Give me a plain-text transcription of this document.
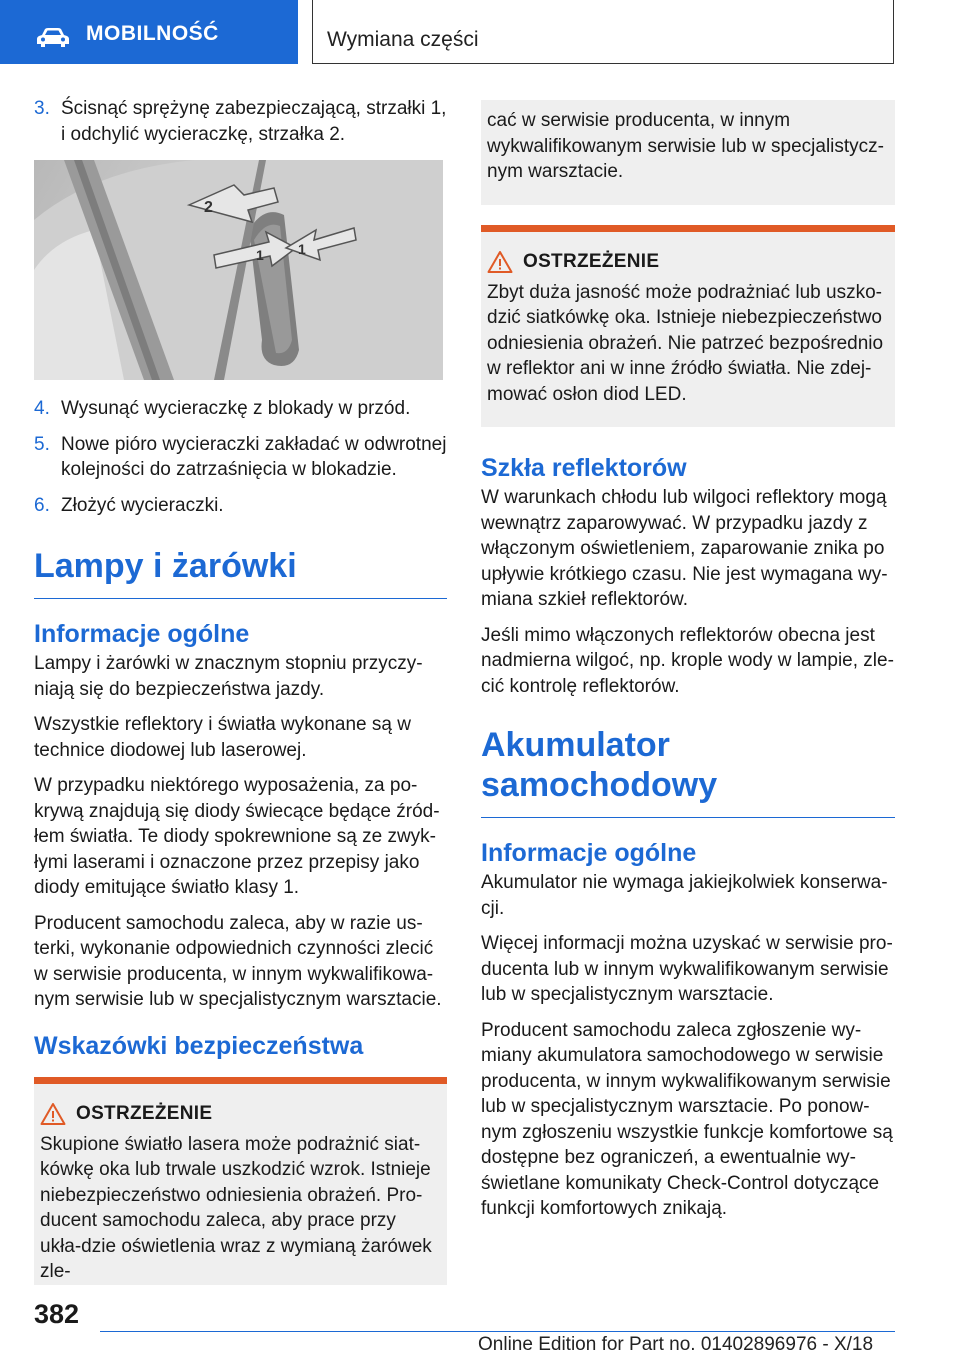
MOBILNOŚĆ	Wymiana części
3. Ścisnąć sprężynę zabezpieczającą, strzałki 1, i odchylić wycieraczkę, strzałka 2.
2
1 1
4. Wysunąć wycieraczkę z blokady w przód.
5. Nowe pióro wycieraczki zakładać w odwrotnej kolejności do zatrzaśnięcia w blokadzie.
6. Złożyć wycieraczki.
Lampy i żarówki
Informacje ogólne

Lampy i żarówki w znacznym stopniu przyczy-niają się do bezpieczeństwa jazdy.

Wszystkie reflektory i światła wykonane są w technice diodowej lub laserowej.

W przypadku niektórego wyposażenia, za po-krywą znajdują się diody świecące będące źród-łem światła. Te diody spokrewnione są ze zwyk-łymi laserami i oznaczone przez przepisy jako diody emitujące światło klasy 1.

Producent samochodu zaleca, aby w razie us-terki, wykonanie odpowiednich czynności zlecić w serwisie producenta, w innym wykwalifikowa-nym serwisie lub w specjalistycznym warsztacie.

Wskazówki bezpieczeństwa
OSTRZEŻENIE

Skupione światło lasera może podrażnić siat-kówkę oka lub trwale uszkodzić wzrok. Istnieje niebezpieczeństwo odniesienia obrażeń. Pro-ducent samochodu zaleca, aby prace przy ukła-dzie oświetlenia wraz z wymianą żarówek zle-

cać w serwisie producenta, w innym wykwalifikowanym serwisie lub w specjalistycz-nym warsztacie.

OSTRZEŻENIE

Zbyt duża jasność może podrażniać lub uszko-dzić siatkówkę oka. Istnieje niebezpieczeństwo odniesienia obrażeń. Nie patrzeć bezpośrednio w reflektor ani w inne źródło światła. Nie zdej-mować osłon diod LED.

Szkła reflektorów

W warunkach chłodu lub wilgoci reflektory mogą wewnątrz zaparowywać. W przypadku jazdy z włączonym oświetleniem, zaparowanie znika po upływie krótkiego czasu. Nie jest wymagana wy-miana szkieł reflektorów.

Jeśli mimo włączonych reflektorów obecna jest nadmierna wilgoć, np. krople wody w lampie, zle-cić kontrolę reflektorów.

Akumulator samochodowy
Informacje ogólne

Akumulator nie wymaga jakiejkolwiek konserwa-cji.

Więcej informacji można uzyskać w serwisie pro-ducenta lub w innym wykwalifikowanym serwisie lub w specjalistycznym warsztacie.

Producent samochodu zaleca zgłoszenie wy-miany akumulatora samochodowego w serwisie producenta, w innym wykwalifikowanym serwisie lub w specjalistycznym warsztacie. Po ponow-nym zgłoszeniu wszystkie funkcje komfortowe są dostępne bez ograniczeń, a ewentualnie wy-świetlane komunikaty Check-Control dotyczące funkcji komfortowych znikają.

382
Online Edition for Part no. 01402896976 - X/18
